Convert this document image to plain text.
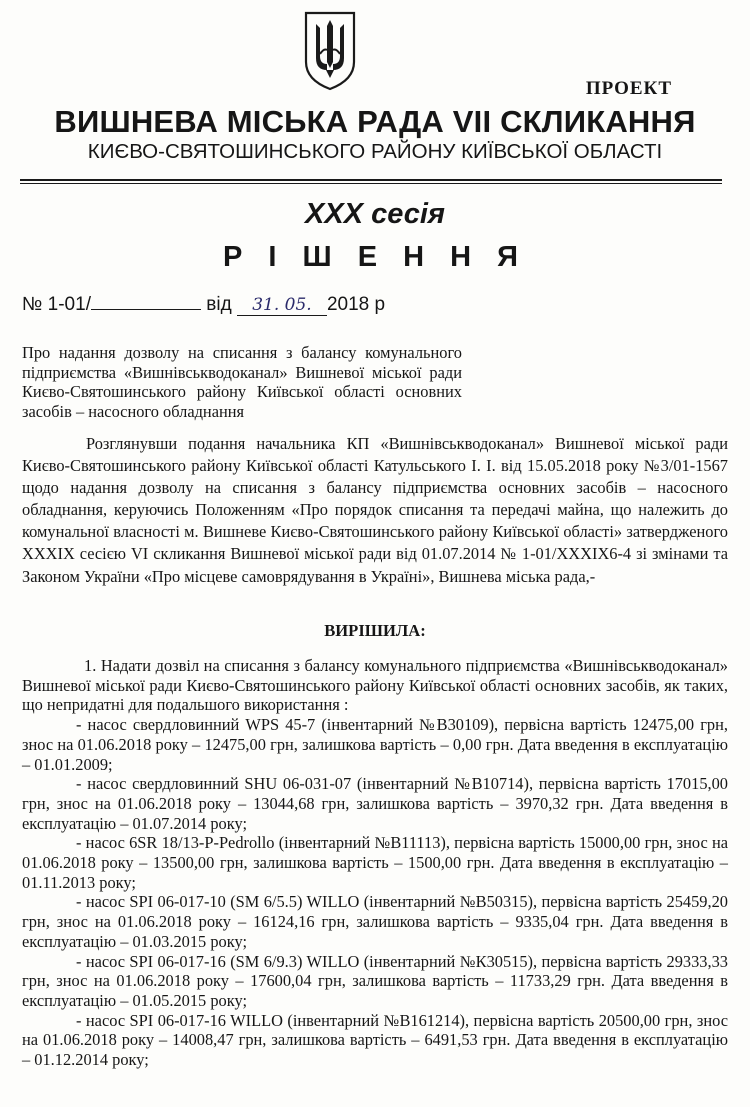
ПРОЕКТ
ВИШНЕВА МІСЬКА РАДА VII СКЛИКАННЯ
КИЄВО-СВЯТОШИНСЬКОГО РАЙОНУ КИЇВСЬКОЇ ОБЛАСТІ
XXX сесія
Р І Ш Е Н Н Я
№ 1-01/	від 31. 05. 2018 р
Про надання дозволу на списання з балансу комунального підприємства «Вишнівськводоканал» Вишневої міської ради Києво-Святошинського району Київської області основних засобів – насосного обладнання

Розглянувши подання начальника КП «Вишнівськводоканал» Вишневої міської ради Києво-Святошинського району Київської області Катульського І. І. від 15.05.2018 року №3/01-1567 щодо надання дозволу на списання з балансу підприємства основних засобів – насосного обладнання, керуючись Положенням «Про порядок списання та передачі майна, що належить до комунальної власності м. Вишневе Києво-Святошинського району Київської області» затвердженого XXXIX сесією VI скликання Вишневої міської ради від 01.07.2014 № 1-01/XXXIX6-4 зі змінами та Законом України «Про місцеве самоврядування в Україні», Вишнева міська рада,-

ВИРІШИЛА:

1. Надати дозвіл на списання з балансу комунального підприємства «Вишнівськводоканал» Вишневої міської ради Києво-Святошинського району Київської області основних засобів, як таких, що непридатні для подальшого використання :

- насос свердловинний WPS 45-7 (інвентарний №В30109), первісна вартість 12475,00 грн, знос на 01.06.2018 року – 12475,00 грн, залишкова вартість – 0,00 грн. Дата введення в експлуатацію – 01.01.2009;

- насос свердловинний SHU 06-031-07 (інвентарний №В10714), первісна вартість 17015,00 грн, знос на 01.06.2018 року – 13044,68 грн, залишкова вартість – 3970,32 грн. Дата введення в експлуатацію – 01.07.2014 року;

- насос 6SR 18/13-P-Pedrollo (інвентарний №В11113), первісна вартість 15000,00 грн, знос на 01.06.2018 року – 13500,00 грн, залишкова вартість – 1500,00 грн. Дата введення в експлуатацію – 01.11.2013 року;

- насос SPI 06-017-10 (SM 6/5.5) WILLO (інвентарний №В50315), первісна вартість 25459,20 грн, знос на 01.06.2018 року – 16124,16 грн, залишкова вартість – 9335,04 грн. Дата введення в експлуатацію – 01.03.2015 року;

- насос SPI 06-017-16 (SM 6/9.3) WILLO (інвентарний №К30515), первісна вартість 29333,33 грн, знос на 01.06.2018 року – 17600,04 грн, залишкова вартість – 11733,29 грн. Дата введення в експлуатацію – 01.05.2015 року;

- насос SPI 06-017-16 WILLO (інвентарний №В161214), первісна вартість 20500,00 грн, знос на 01.06.2018 року – 14008,47 грн, залишкова вартість – 6491,53 грн. Дата введення в експлуатацію – 01.12.2014 року;
